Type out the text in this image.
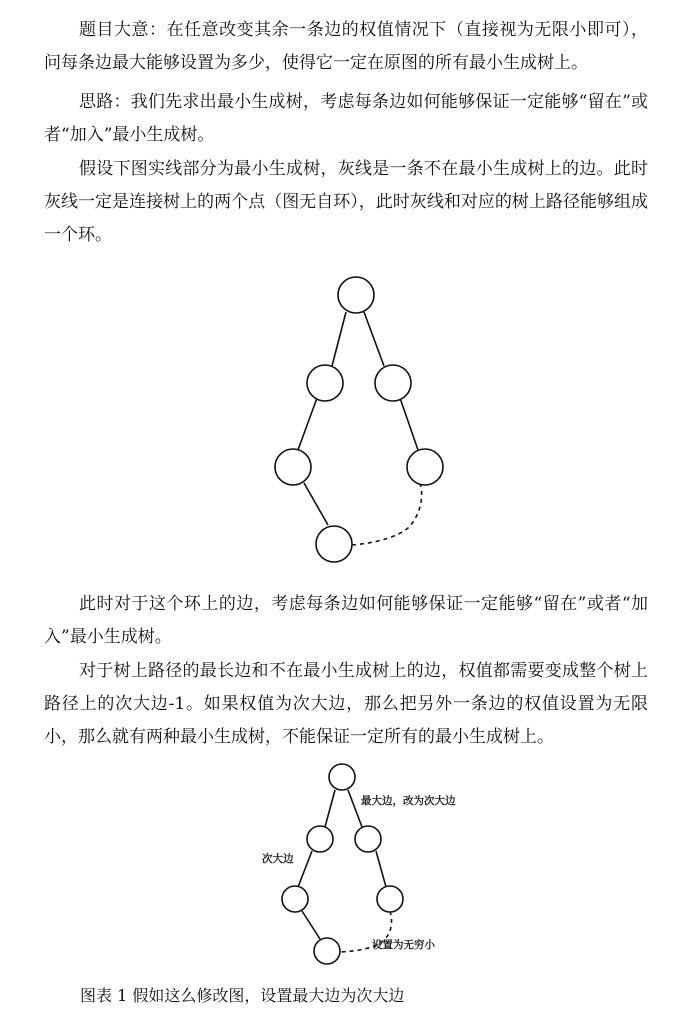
题目大意：在任意改变其余一条边的权值情况下（直接视为无限小即可），问每条边最大能够设置为多少，使得它一定在原图的所有最小生成树上。

思路：我们先求出最小生成树，考虑每条边如何能够保证一定能够“留在”或者“加入”最小生成树。

假设下图实线部分为最小生成树，灰线是一条不在最小生成树上的边。此时灰线一定是连接树上的两个点（图无自环），此时灰线和对应的树上路径能够组成一个环。

此时对于这个环上的边，考虑每条边如何能够保证一定能够“留在”或者“加入”最小生成树。

对于树上路径的最长边和不在最小生成树上的边，权值都需要变成整个树上路径上的次大边-1。如果权值为次大边，那么把另外一条边的权值设置为无限小，那么就有两种最小生成树，不能保证一定所有的最小生成树上。

最大边，改为次大边
次大边
设置为无穷小

图表 1 假如这么修改图，设置最大边为次大边
